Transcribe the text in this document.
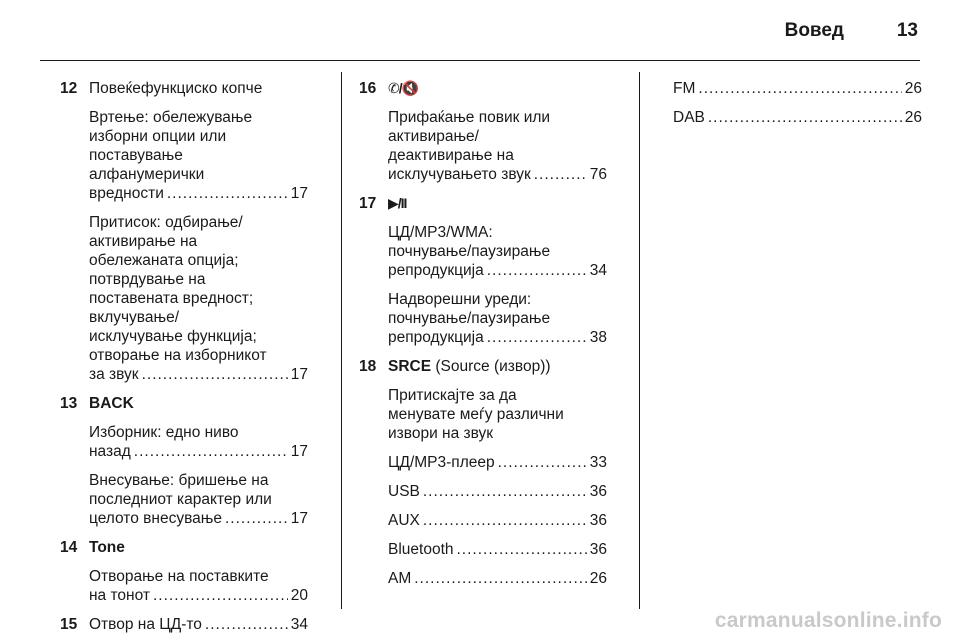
Вовед	13
12 Повеќефункциско копче
Вртење: обележување
изборни опции или
поставување
алфанумерички
вредности .....	17
Притисок: одбирање/
активирање на
обележаната опција;
потврдување на
поставената вредност;
вклучување/
исклучување функција;
отворање на изборникот
за звук .....	17
13 BACK
Изборник: едно ниво
назад .....	17
Внесување: бришење на
последниот карактер или
целото внесување .....	17
14 Tone
Отворање на поставките
на тонот .....	20
15 Отвор на ЦД-то .....	34
16 ✆/🔇
Прифаќање повик или
активирање/
деактивирање на
исклучувањето звук .....	76
17 ▶/II
ЦД/MP3/WMA:
почнување/паузирање
репродукција .....	34
Надворешни уреди:
почнување/паузирање
репродукција .....	38
18 SRCE (Source (извор))
Притискајте за да
менувате меѓу различни
извори на звук
ЦД/MP3-плеер .....	33
USB .....	36
AUX .....	36
Bluetooth .....	36
AM .....	26
FM .....	26
DAB .....	26
carmanualsonline.info
